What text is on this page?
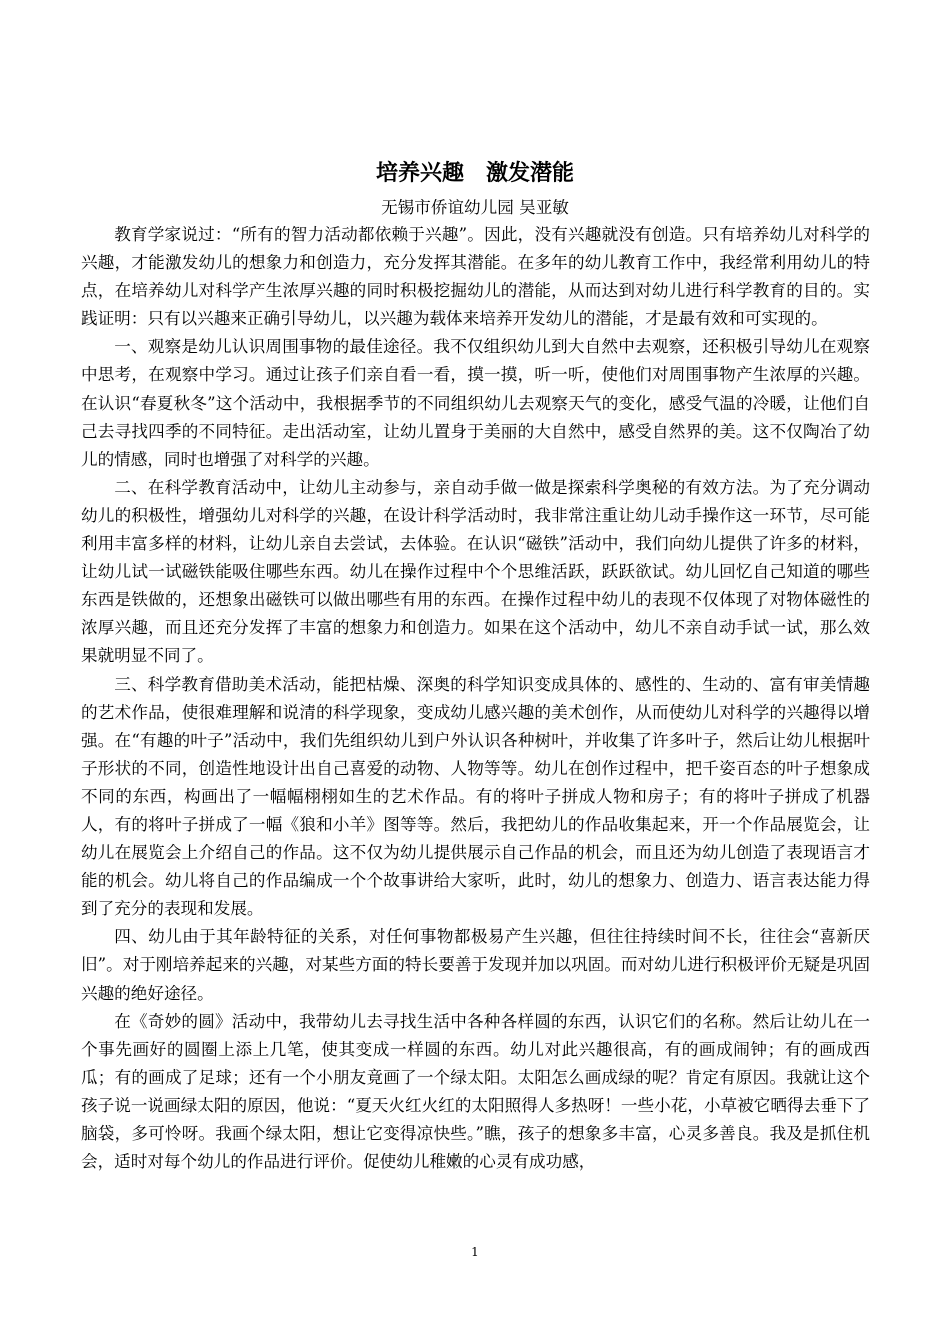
培养兴趣　激发潜能
无锡市侨谊幼儿园 吴亚敏

教育学家说过：“所有的智力活动都依赖于兴趣”。因此，没有兴趣就没有创造。只有培养幼儿对科学的兴趣，才能激发幼儿的想象力和创造力，充分发挥其潜能。在多年的幼儿教育工作中，我经常利用幼儿的特点，在培养幼儿对科学产生浓厚兴趣的同时积极挖掘幼儿的潜能，从而达到对幼儿进行科学教育的目的。实践证明：只有以兴趣来正确引导幼儿，以兴趣为载体来培养开发幼儿的潜能，才是最有效和可实现的。

一、观察是幼儿认识周围事物的最佳途径。我不仅组织幼儿到大自然中去观察，还积极引导幼儿在观察中思考，在观察中学习。通过让孩子们亲自看一看，摸一摸，听一听，使他们对周围事物产生浓厚的兴趣。在认识“春夏秋冬”这个活动中，我根据季节的不同组织幼儿去观察天气的变化，感受气温的冷暖，让他们自己去寻找四季的不同特征。走出活动室，让幼儿置身于美丽的大自然中，感受自然界的美。这不仅陶冶了幼儿的情感，同时也增强了对科学的兴趣。

二、在科学教育活动中，让幼儿主动参与，亲自动手做一做是探索科学奥秘的有效方法。为了充分调动幼儿的积极性，增强幼儿对科学的兴趣，在设计科学活动时，我非常注重让幼儿动手操作这一环节，尽可能利用丰富多样的材料，让幼儿亲自去尝试，去体验。在认识“磁铁”活动中，我们向幼儿提供了许多的材料，让幼儿试一试磁铁能吸住哪些东西。幼儿在操作过程中个个思维活跃，跃跃欲试。幼儿回忆自己知道的哪些东西是铁做的，还想象出磁铁可以做出哪些有用的东西。在操作过程中幼儿的表现不仅体现了对物体磁性的浓厚兴趣，而且还充分发挥了丰富的想象力和创造力。如果在这个活动中，幼儿不亲自动手试一试，那么效果就明显不同了。

三、科学教育借助美术活动，能把枯燥、深奥的科学知识变成具体的、感性的、生动的、富有审美情趣的艺术作品，使很难理解和说清的科学现象，变成幼儿感兴趣的美术创作，从而使幼儿对科学的兴趣得以增强。在“有趣的叶子”活动中，我们先组织幼儿到户外认识各种树叶，并收集了许多叶子，然后让幼儿根据叶子形状的不同，创造性地设计出自己喜爱的动物、人物等等。幼儿在创作过程中，把千姿百态的叶子想象成不同的东西，构画出了一幅幅栩栩如生的艺术作品。有的将叶子拼成人物和房子；有的将叶子拼成了机器人，有的将叶子拼成了一幅《狼和小羊》图等等。然后，我把幼儿的作品收集起来，开一个作品展览会，让幼儿在展览会上介绍自己的作品。这不仅为幼儿提供展示自己作品的机会，而且还为幼儿创造了表现语言才能的机会。幼儿将自己的作品编成一个个故事讲给大家听，此时，幼儿的想象力、创造力、语言表达能力得到了充分的表现和发展。

四、幼儿由于其年龄特征的关系，对任何事物都极易产生兴趣，但往往持续时间不长，往往会“喜新厌旧”。对于刚培养起来的兴趣，对某些方面的特长要善于发现并加以巩固。而对幼儿进行积极评价无疑是巩固兴趣的绝好途径。

在《奇妙的圆》活动中，我带幼儿去寻找生活中各种各样圆的东西，认识它们的名称。然后让幼儿在一个事先画好的圆圈上添上几笔，使其变成一样圆的东西。幼儿对此兴趣很高，有的画成闹钟；有的画成西瓜；有的画成了足球；还有一个小朋友竟画了一个绿太阳。太阳怎么画成绿的呢？肯定有原因。我就让这个孩子说一说画绿太阳的原因，他说：“夏天火红火红的太阳照得人多热呀！一些小花，小草被它晒得去垂下了脑袋，多可怜呀。我画个绿太阳，想让它变得凉快些。”瞧，孩子的想象多丰富，心灵多善良。我及是抓住机会，适时对每个幼儿的作品进行评价。促使幼儿稚嫩的心灵有成功感，

1
